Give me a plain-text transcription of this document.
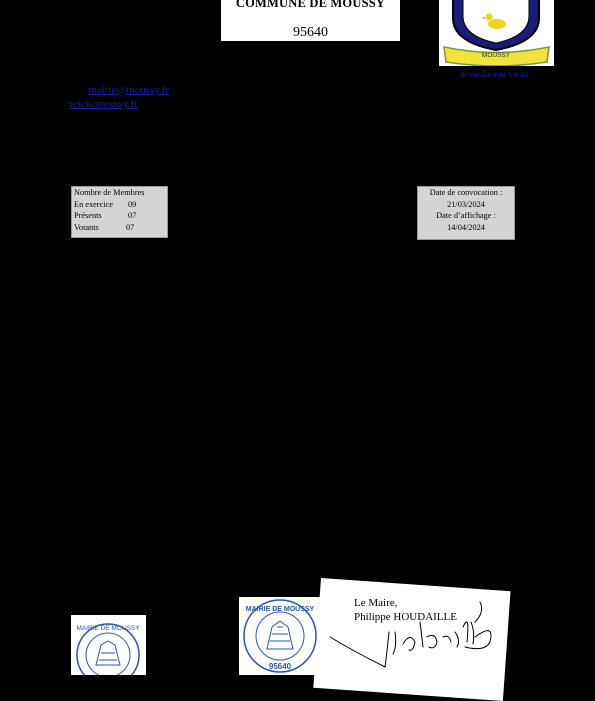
COMMUNE DE MOUSSY
95640
MOUSSY
le vieille eau vivan
mairie@moussy.fr
www.moussy.fr
Nombre de Membres
En exercice 09
Présents	07
Votants	07
Date de convocation :
21/03/2024
Date d’affichage :
14/04/2024
Fait à Moussy
Le Maire,
Philippe HOUDAILLE
MAIRIE DE MOUSSY
MAIRIE DE MOUSSY
95640
